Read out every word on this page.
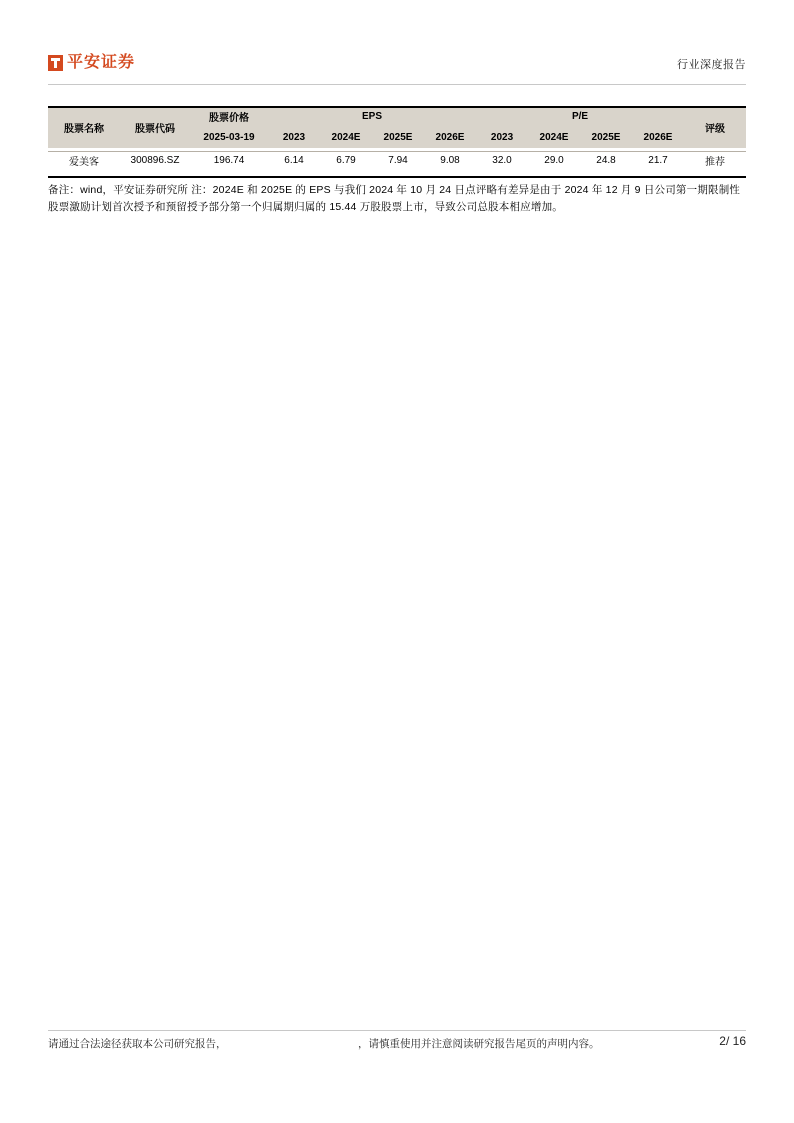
平安证券	行业深度报告
股票名称	股票代码	股票价格	EPS				P/E				评级
		2025-03-19	2023	2024E	2025E	2026E	2023	2024E	2025E	2026E	
爱美客	300896.SZ	196.74	6.14	6.79	7.94	9.08	32.0	29.0	24.8	21.7	推荐
备注：wind，平安证券研究所 注：2024E 和 2025E 的 EPS 与我们 2024 年 10 月 24 日点评略有差异是由于 2024 年 12 月 9 日公司第一期限制性股票激励计划首次授予和预留授予部分第一个归属期归属的 15.44 万股股票上市，导致公司总股本相应增加。
请通过合法途径获取本公司研究报告，	，请慎重使用并注意阅读研究报告尾页的声明内容。	2/ 16
